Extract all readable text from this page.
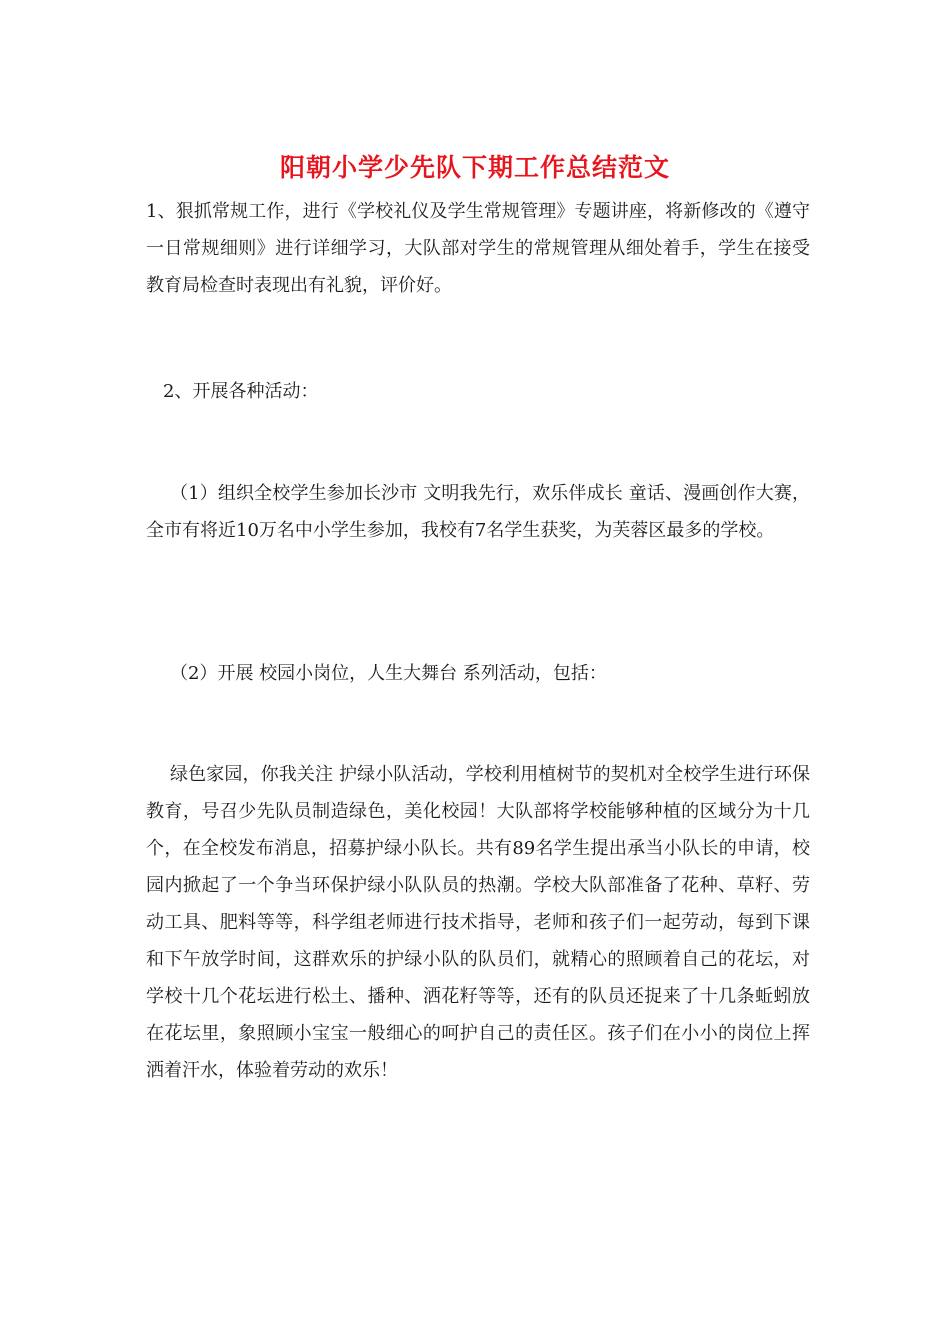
阳朝小学少先队下期工作总结范文

1、狠抓常规工作，进行《学校礼仪及学生常规管理》专题讲座，将新修改的《遵守一日常规细则》进行详细学习，大队部对学生的常规管理从细处着手，学生在接受教育局检查时表现出有礼貌，评价好。

2、开展各种活动：

（1）组织全校学生参加长沙市 文明我先行，欢乐伴成长 童话、漫画创作大赛，全市有将近10万名中小学生参加，我校有7名学生获奖，为芙蓉区最多的学校。

（2）开展 校园小岗位，人生大舞台 系列活动，包括：

绿色家园，你我关注 护绿小队活动，学校利用植树节的契机对全校学生进行环保教育，号召少先队员制造绿色，美化校园！大队部将学校能够种植的区域分为十几个，在全校发布消息，招募护绿小队长。共有89名学生提出承当小队长的申请，校园内掀起了一个争当环保护绿小队队员的热潮。学校大队部准备了花种、草籽、劳动工具、肥料等等，科学组老师进行技术指导，老师和孩子们一起劳动，每到下课和下午放学时间，这群欢乐的护绿小队的队员们，就精心的照顾着自己的花坛，对学校十几个花坛进行松土、播种、洒花籽等等，还有的队员还捉来了十几条蚯蚓放在花坛里，象照顾小宝宝一般细心的呵护自己的责任区。孩子们在小小的岗位上挥洒着汗水，体验着劳动的欢乐！
